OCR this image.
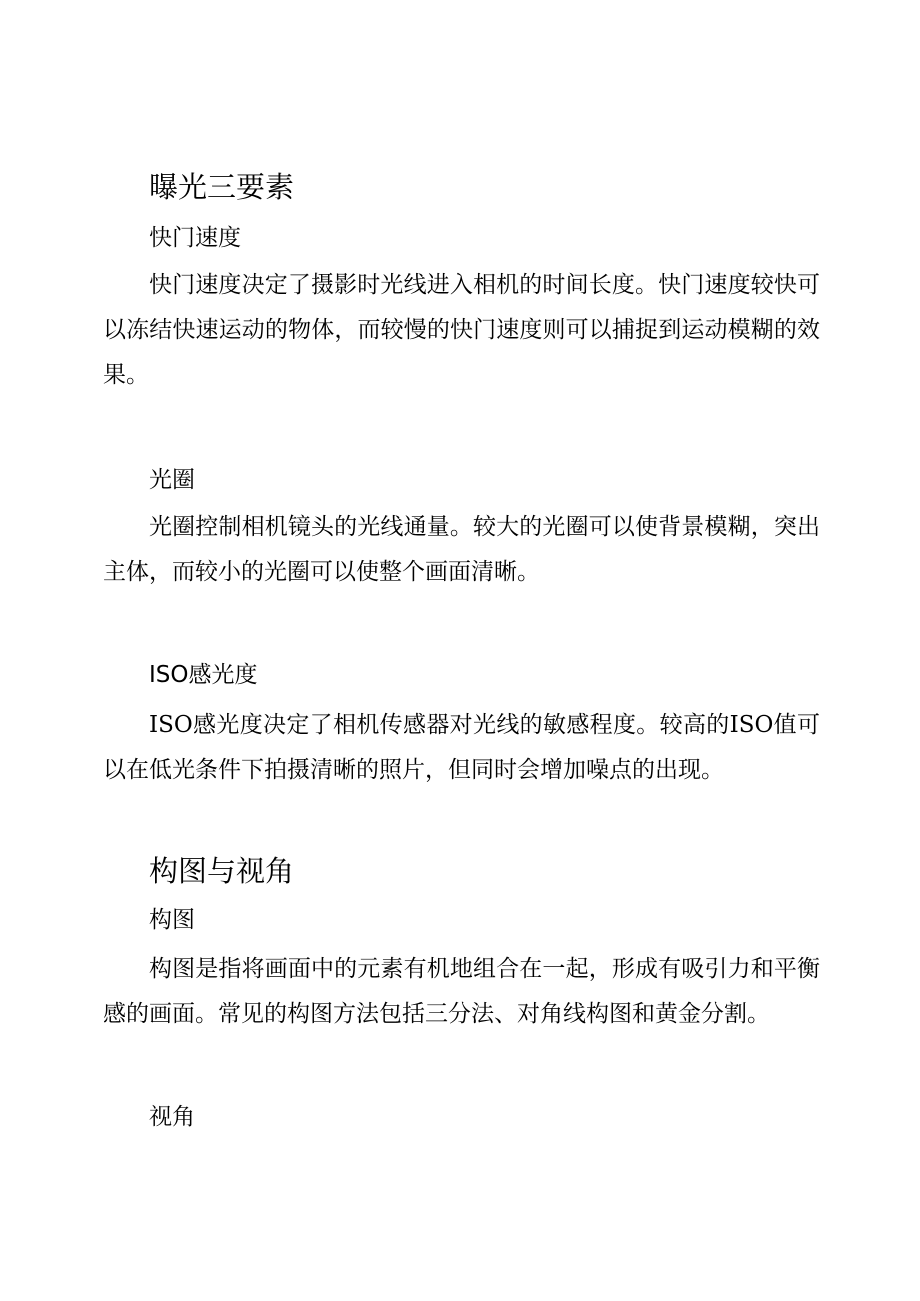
曝光三要素
快门速度

快门速度决定了摄影时光线进入相机的时间长度。快门速度较快可以冻结快速运动的物体，而较慢的快门速度则可以捕捉到运动模糊的效果。

光圈

光圈控制相机镜头的光线通量。较大的光圈可以使背景模糊，突出主体，而较小的光圈可以使整个画面清晰。

ISO感光度

ISO感光度决定了相机传感器对光线的敏感程度。较高的ISO值可以在低光条件下拍摄清晰的照片，但同时会增加噪点的出现。

构图与视角
构图

构图是指将画面中的元素有机地组合在一起，形成有吸引力和平衡感的画面。常见的构图方法包括三分法、对角线构图和黄金分割。

视角
